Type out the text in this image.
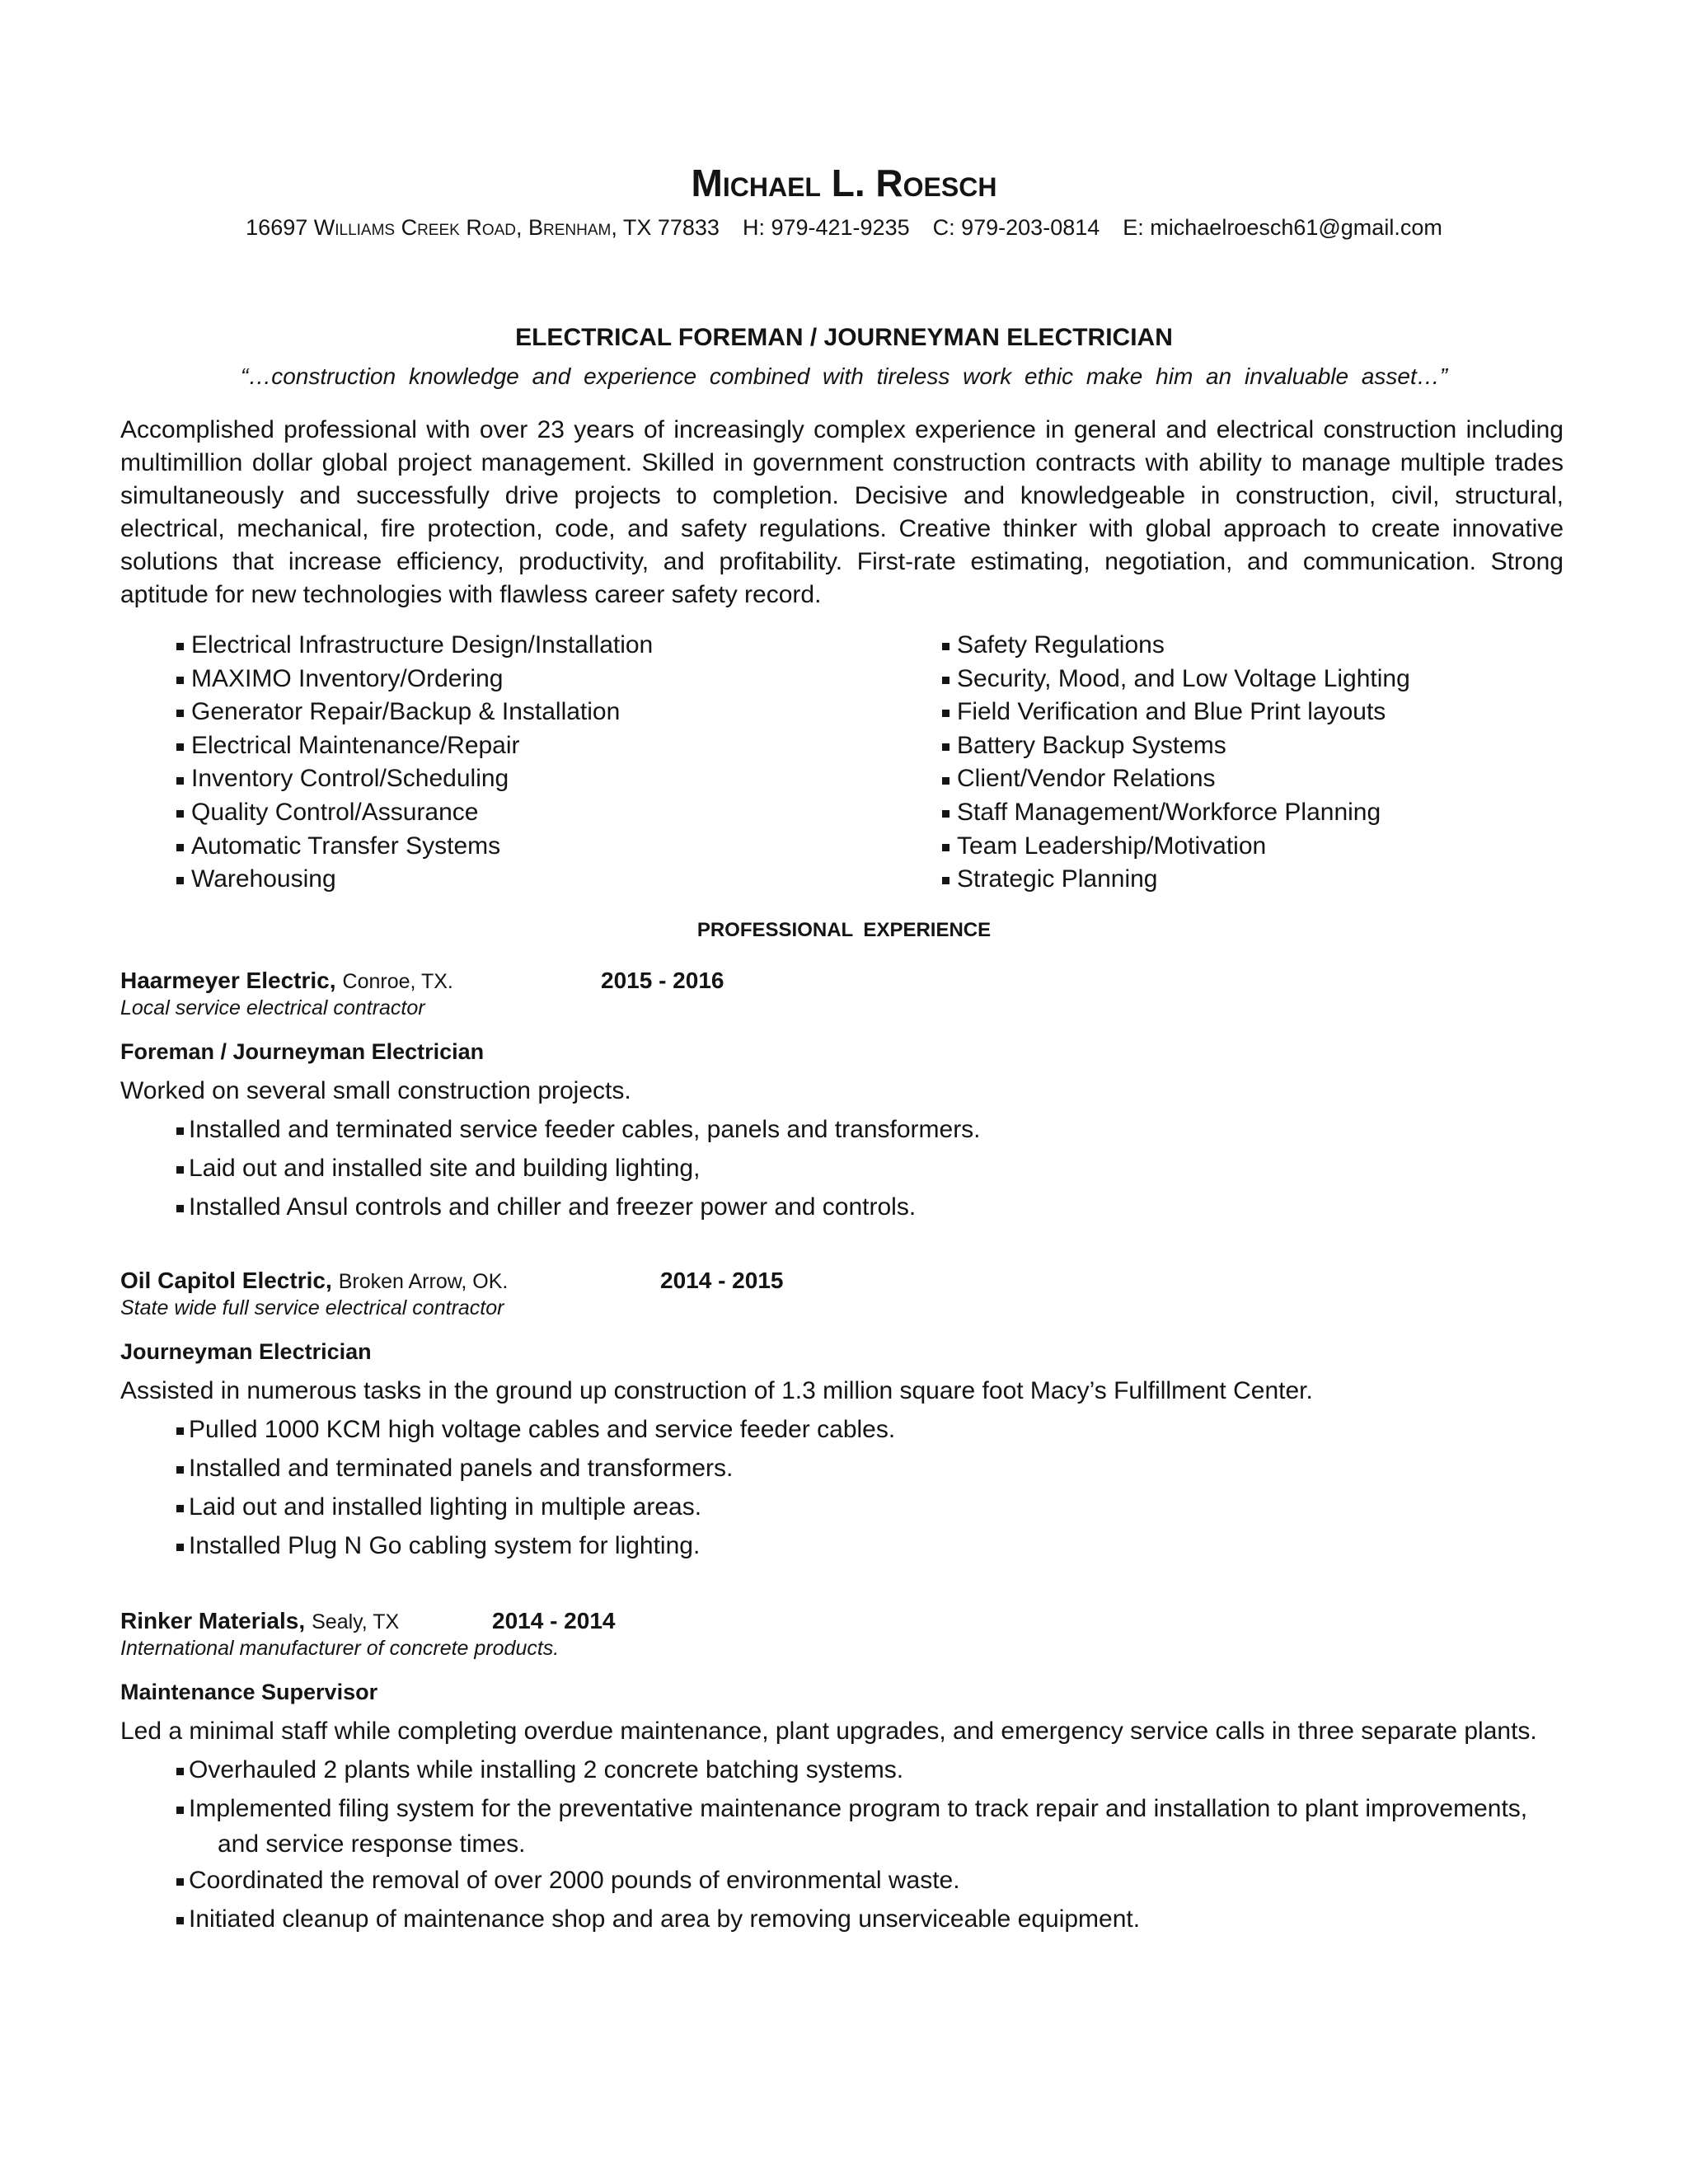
Michael L. Roesch
16697 Williams Creek Road, Brenham, TX 77833 H: 979-421-9235 C: 979-203-0814 E: michaelroesch61@gmail.com
ELECTRICAL FOREMAN / JOURNEYMAN ELECTRICIAN
“…construction knowledge and experience combined with tireless work ethic make him an invaluable asset…”
Accomplished professional with over 23 years of increasingly complex experience in general and electrical construction including
multimillion dollar global project management. Skilled in government construction contracts with ability to manage multiple trades
simultaneously and successfully drive projects to completion. Decisive and knowledgeable in construction, civil, structural,
electrical, mechanical, fire protection, code, and safety regulations. Creative thinker with global approach to create innovative
solutions that increase efficiency, productivity, and profitability. First-rate estimating, negotiation, and communication. Strong
aptitude for new technologies with flawless career safety record.
Electrical Infrastructure Design/Installation
MAXIMO Inventory/Ordering
Generator Repair/Backup & Installation
Electrical Maintenance/Repair
Inventory Control/Scheduling
Quality Control/Assurance
Automatic Transfer Systems
Warehousing
Safety Regulations
Security, Mood, and Low Voltage Lighting
Field Verification and Blue Print layouts
Battery Backup Systems
Client/Vendor Relations
Staff Management/Workforce Planning
Team Leadership/Motivation
Strategic Planning
PROFESSIONAL EXPERIENCE
Haarmeyer Electric, Conroe, TX.	2015 - 2016
Local service electrical contractor
Foreman / Journeyman Electrician
Worked on several small construction projects.
Installed and terminated service feeder cables, panels and transformers.
Laid out and installed site and building lighting,
Installed Ansul controls and chiller and freezer power and controls.
Oil Capitol Electric, Broken Arrow, OK.	2014 - 2015
State wide full service electrical contractor
Journeyman Electrician
Assisted in numerous tasks in the ground up construction of 1.3 million square foot Macy’s Fulfillment Center.
Pulled 1000 KCM high voltage cables and service feeder cables.
Installed and terminated panels and transformers.
Laid out and installed lighting in multiple areas.
Installed Plug N Go cabling system for lighting.
Rinker Materials, Sealy, TX	2014 - 2014
International manufacturer of concrete products.
Maintenance Supervisor
Led a minimal staff while completing overdue maintenance, plant upgrades, and emergency service calls in three separate plants.
Overhauled 2 plants while installing 2 concrete batching systems.
Implemented filing system for the preventative maintenance program to track repair and installation to plant improvements,
and service response times.
Coordinated the removal of over 2000 pounds of environmental waste.
Initiated cleanup of maintenance shop and area by removing unserviceable equipment.
